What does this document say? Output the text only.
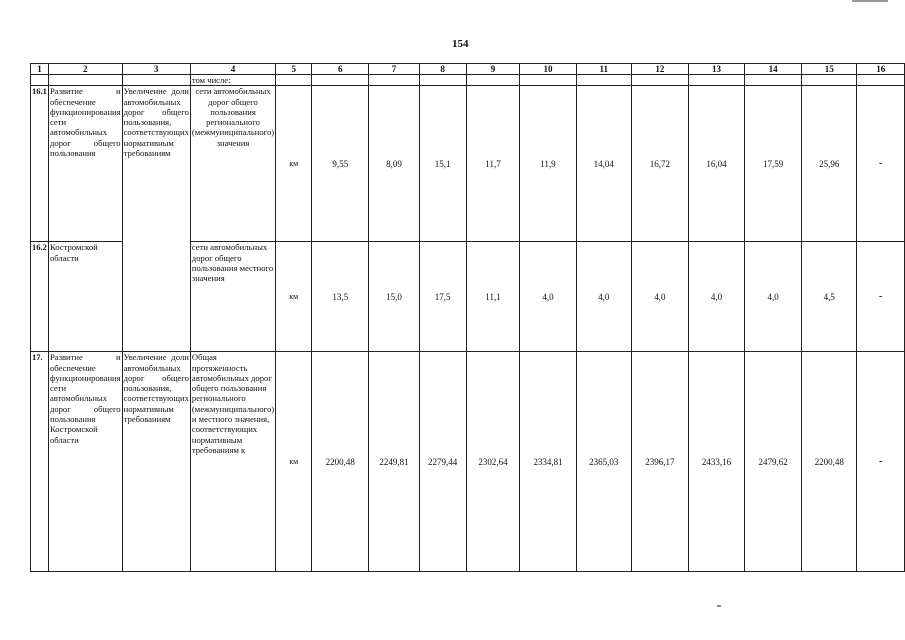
154
1	2	3	4	5	6	7	8	9	10	11	12	13	14	15	16
			том числе:												
16.1	Развитие и обеспечение функционирования сети автомобильных дорог общего пользования	Увеличение доли автомобильных дорог общего пользования, соответствующих нормативным требованиям	сети автомобильных дорог общего пользования регионального (межмуниципального) значения	км	9,55	8,09	15,1	11,7	11,9	14,04	16,72	16,04	17,59	25,96	-
16.2	Костромской области		сети автомобильных дорог общего пользования местного значения	км	13,5	15,0	17,5	11,1	4,0	4,0	4,0	4,0	4,0	4,5	-
17.	Развитие и обеспечение функционирования сети автомобильных дорог общего пользования Костромской области	Увеличение доли автомобильных дорог общего пользования, соответствующих нормативным требованиям	Общая протяженность автомобильных дорог общего пользования регионального (межмуниципального) и местного значения, соответствующих нормативным требованиям к	км	2200,48	2249,81	2279,44	2302,64	2334,81	2365,03	2396,17	2433,16	2479,62	2200,48	-
